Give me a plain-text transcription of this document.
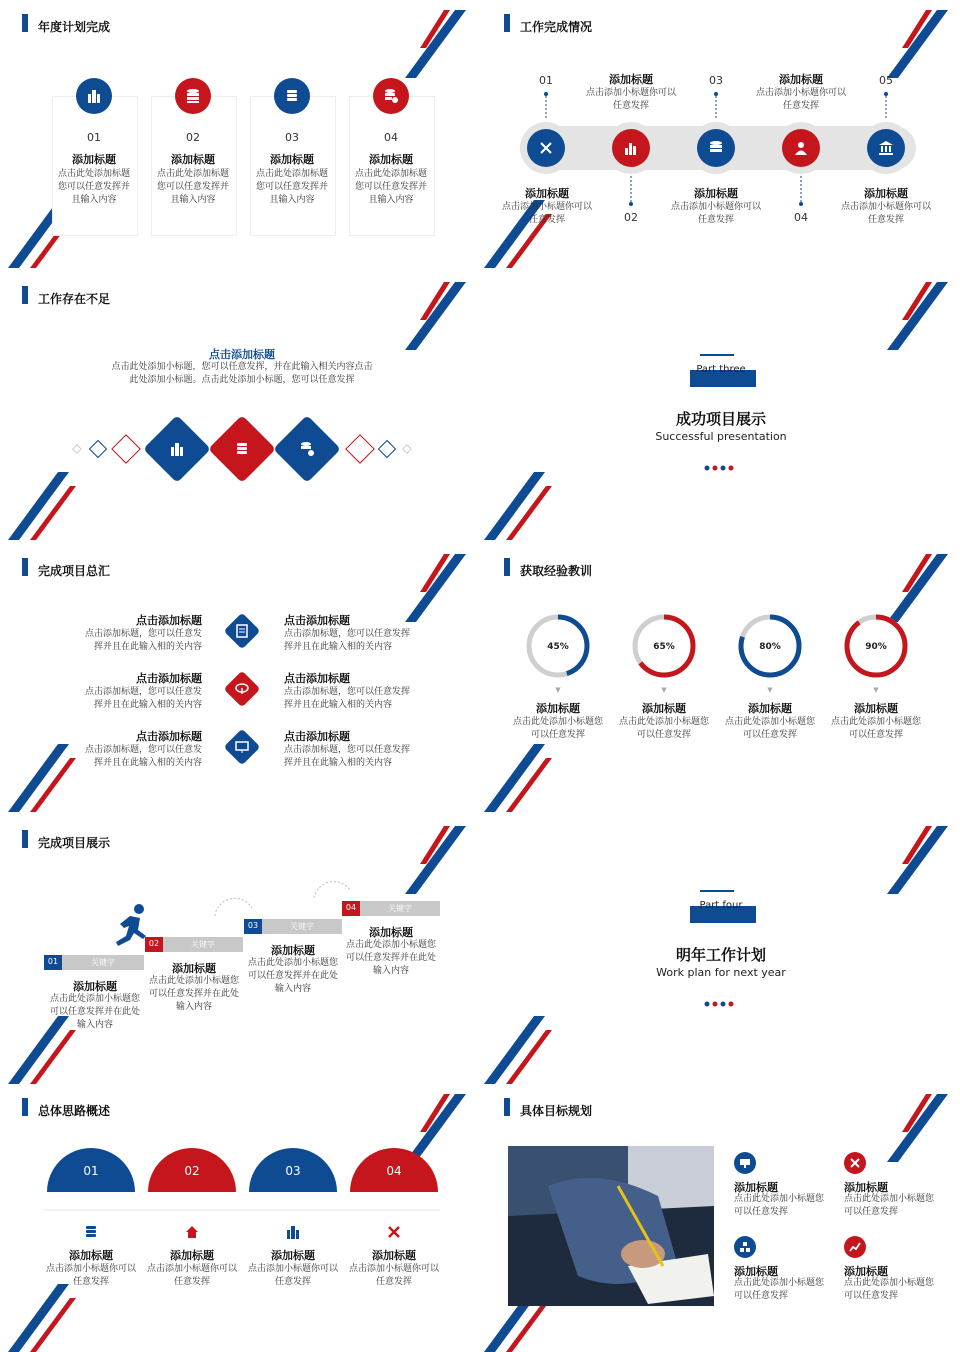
年度计划完成
01	02	03	04
添加标题	添加标题	添加标题	添加标题
点击此处添加标题您可以任意发挥并且输入内容
点击此处添加标题您可以任意发挥并且输入内容
点击此处添加标题您可以任意发挥并且输入内容
点击此处添加标题您可以任意发挥并且输入内容
工作完成情况
01	03	05
02	04
添加标题
点击添加小标题你可以任意发挥
添加标题
点击添加小标题你可以任意发挥
添加标题
点击添加小标题你可以任意发挥
添加标题
点击添加小标题你可以任意发挥
添加标题
点击添加小标题你可以任意发挥
工作存在不足
点击添加标题
点击此处添加小标题，您可以任意发挥，并在此输入相关内容点击
此处添加小标题。点击此处添加小标题，您可以任意发挥
Part three
成功项目展示
Successful presentation
完成项目总汇
点击添加标题
点击添加标题，您可以任意发
挥并且在此输入相的关内容
点击添加标题
点击添加标题，您可以任意发
挥并且在此输入相的关内容
点击添加标题
点击添加标题，您可以任意发
挥并且在此输入相的关内容
点击添加标题
点击添加标题，您可以任意发挥
挥并且在此输入相的关内容
点击添加标题
点击添加标题，您可以任意发挥
挥并且在此输入相的关内容
点击添加标题
点击添加标题，您可以任意发挥
挥并且在此输入相的关内容
获取经验教训
45%	65%	80%	90%
▼	▼	▼	▼
添加标题	添加标题	添加标题	添加标题
点击此处添加小标题您可以任意发挥
点击此处添加小标题您可以任意发挥
点击此处添加小标题您可以任意发挥
点击此处添加小标题您可以任意发挥
完成项目展示
01	关键字
02	关键字
03	关键字
04	关键字
添加标题
点击此处添加小标题您可以任意发挥并在此处输入内容
添加标题
点击此处添加小标题您可以任意发挥并在此处输入内容
添加标题
点击此处添加小标题您可以任意发挥并在此处输入内容
添加标题
点击此处添加小标题您可以任意发挥并在此处输入内容
Part four
明年工作计划
Work plan for next year
总体思路概述
01	02	03	04
添加标题
点击添加小标题你可以任意发挥
添加标题
点击添加小标题你可以任意发挥
添加标题
点击添加小标题你可以任意发挥
添加标题
点击添加小标题你可以任意发挥
具体目标规划
添加标题
点击此处添加小标题您可以任意发挥
添加标题
点击此处添加小标题您可以任意发挥
添加标题
点击此处添加小标题您可以任意发挥
添加标题
点击此处添加小标题您可以任意发挥
